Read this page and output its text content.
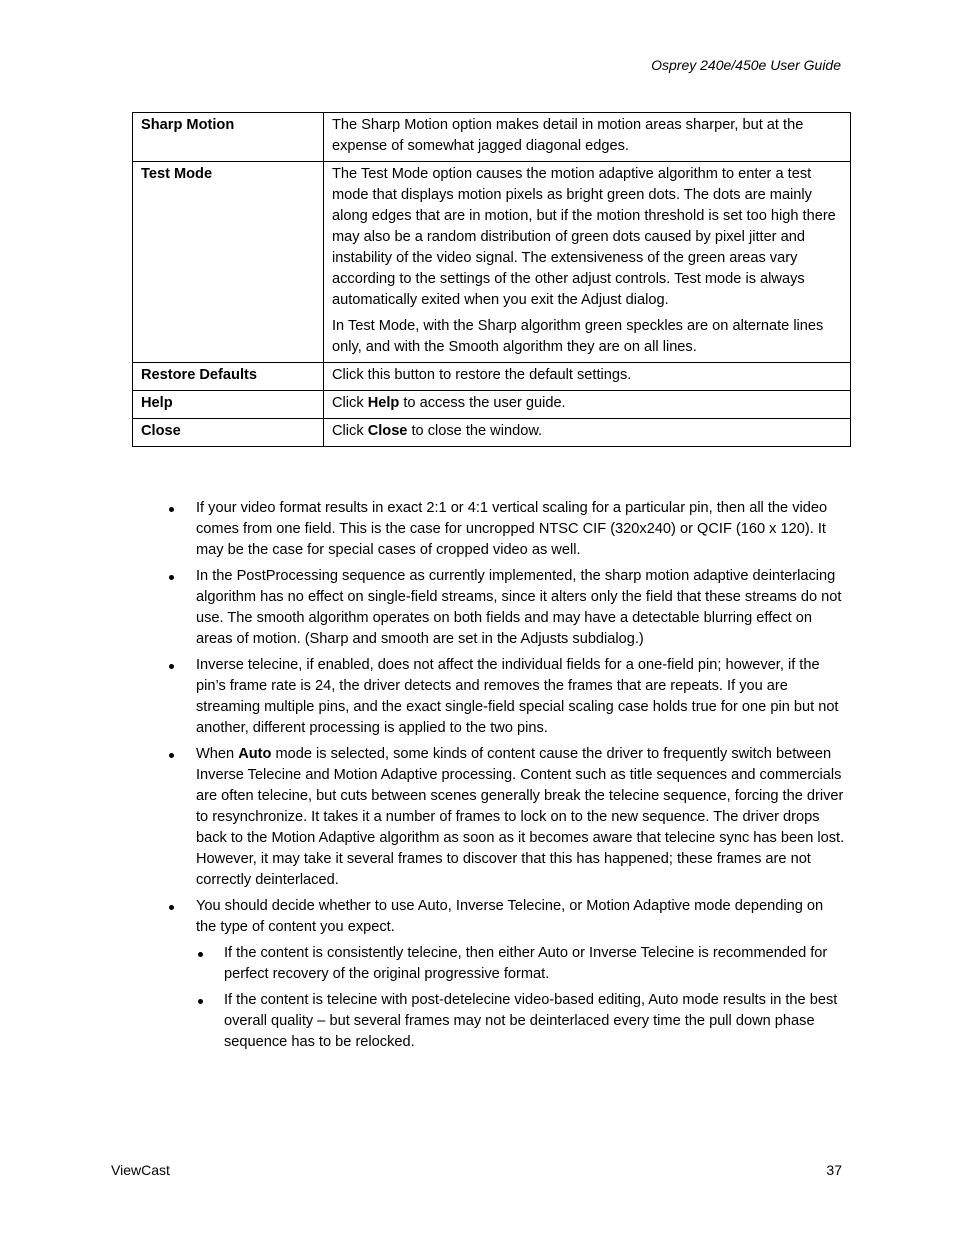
Osprey 240e/450e User Guide
Sharp Motion	The Sharp Motion option makes detail in motion areas sharper, but at the expense of somewhat jagged diagonal edges.

Test Mode	The Test Mode option causes the motion adaptive algorithm to enter a test mode that displays motion pixels as bright green dots. The dots are mainly along edges that are in motion, but if the motion threshold is set too high there may also be a random distribution of green dots caused by pixel jitter and instability of the video signal. The extensiveness of the green areas vary according to the settings of the other adjust controls. Test mode is always automatically exited when you exit the Adjust dialog.

In Test Mode, with the Sharp algorithm green speckles are on alternate lines only, and with the Smooth algorithm they are on all lines.

Restore Defaults	Click this button to restore the default settings.

Help	Click Help to access the user guide.

Close	Click Close to close the window.

If your video format results in exact 2:1 or 4:1 vertical scaling for a particular pin, then all the video comes from one field. This is the case for uncropped NTSC CIF (320x240) or QCIF (160 x 120). It may be the case for special cases of cropped video as well.
In the PostProcessing sequence as currently implemented, the sharp motion adaptive deinterlacing algorithm has no effect on single-field streams, since it alters only the field that these streams do not use. The smooth algorithm operates on both fields and may have a detectable blurring effect on areas of motion. (Sharp and smooth are set in the Adjusts subdialog.)
Inverse telecine, if enabled, does not affect the individual fields for a one-field pin; however, if the pin’s frame rate is 24, the driver detects and removes the frames that are repeats. If you are streaming multiple pins, and the exact single-field special scaling case holds true for one pin but not another, different processing is applied to the two pins.
When Auto mode is selected, some kinds of content cause the driver to frequently switch between Inverse Telecine and Motion Adaptive processing. Content such as title sequences and commercials are often telecine, but cuts between scenes generally break the telecine sequence, forcing the driver to resynchronize. It takes it a number of frames to lock on to the new sequence. The driver drops back to the Motion Adaptive algorithm as soon as it becomes aware that telecine sync has been lost. However, it may take it several frames to discover that this has happened; these frames are not correctly deinterlaced.
You should decide whether to use Auto, Inverse Telecine, or Motion Adaptive mode depending on the type of content you expect.
If the content is consistently telecine, then either Auto or Inverse Telecine is recommended for perfect recovery of the original progressive format.
If the content is telecine with post-detelecine video-based editing, Auto mode results in the best overall quality – but several frames may not be deinterlaced every time the pull down phase sequence has to be relocked.
ViewCast	37
